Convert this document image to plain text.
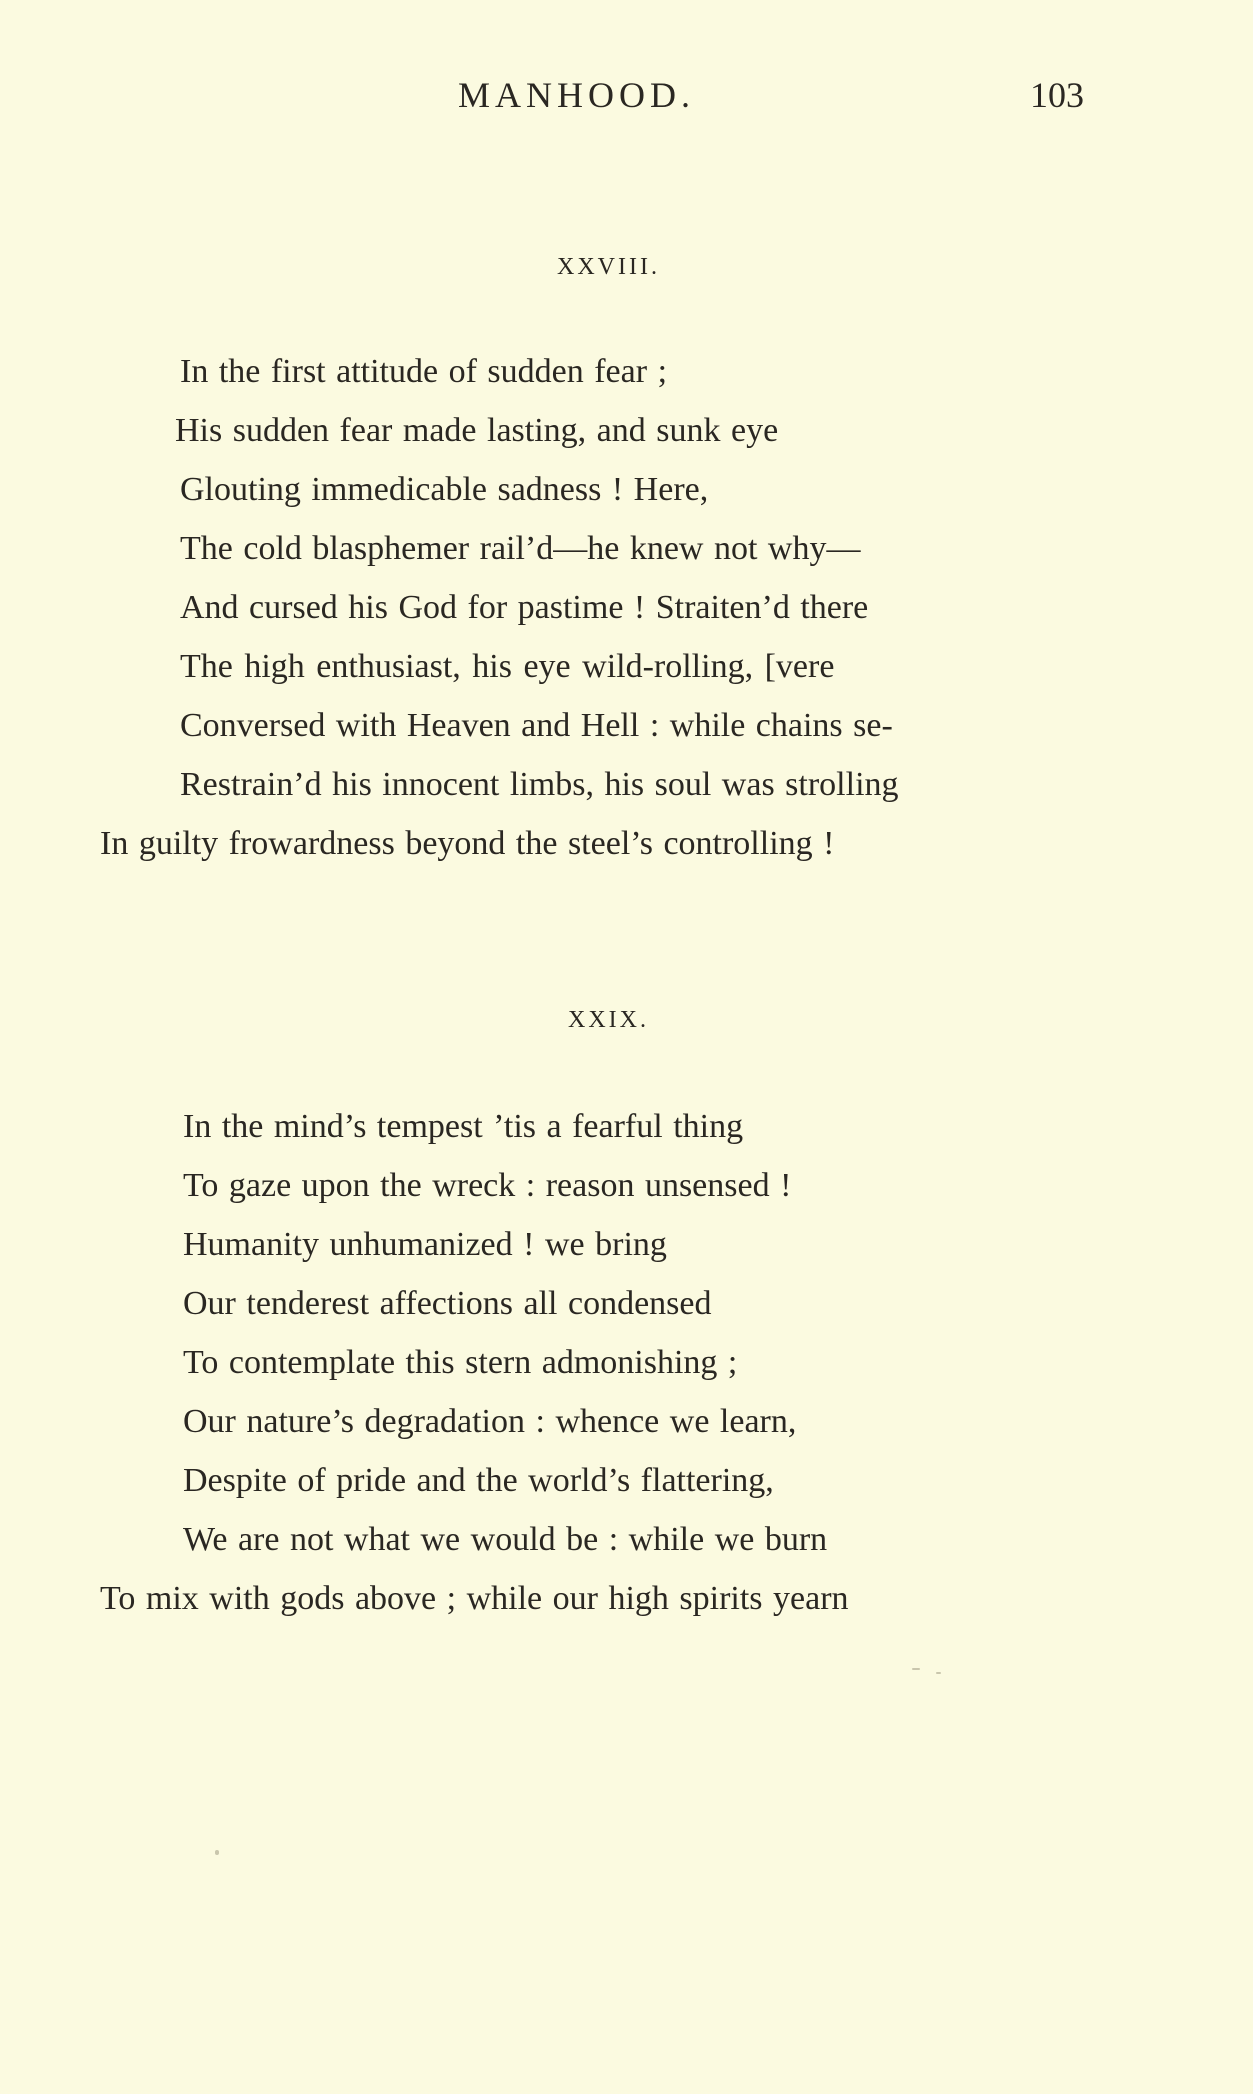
MANHOOD.	103
XXVIII.
In the first attitude of sudden fear ;
His sudden fear made lasting, and sunk eye
Glouting immedicable sadness ! Here,
The cold blasphemer rail’d—he knew not why—
And cursed his God for pastime ! Straiten’d there
The high enthusiast, his eye wild-rolling, [vere
Conversed with Heaven and Hell : while chains se-
Restrain’d his innocent limbs, his soul was strolling
In guilty frowardness beyond the steel’s controlling !
XXIX.
In the mind’s tempest ’tis a fearful thing
To gaze upon the wreck : reason unsensed !
Humanity unhumanized ! we bring
Our tenderest affections all condensed
To contemplate this stern admonishing ;
Our nature’s degradation : whence we learn,
Despite of pride and the world’s flattering,
We are not what we would be : while we burn
To mix with gods above ; while our high spirits yearn
